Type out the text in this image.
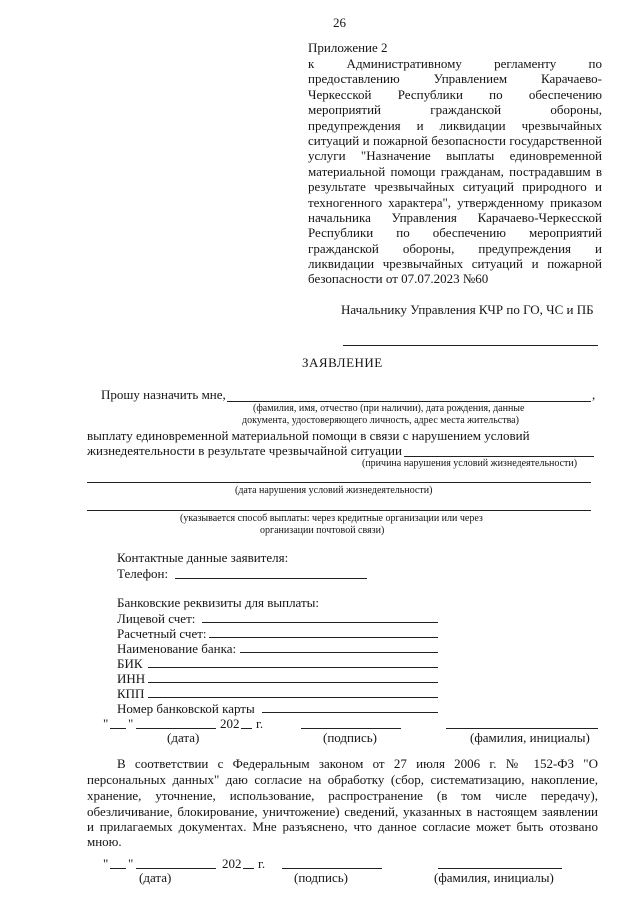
26
Приложение 2
к Административному регламенту по
предоставлению Управлением Карачаево-
Черкесской Республики по обеспечению
мероприятий гражданской обороны,
предупреждения и ликвидации чрезвычайных
ситуаций и пожарной безопасности государственной
услуги "Назначение выплаты единовременной
материальной помощи гражданам, пострадавшим в
результате чрезвычайных ситуаций природного и
техногенного характера", утвержденному приказом
начальника Управления Карачаево-Черкесской
Республики по обеспечению мероприятий
гражданской обороны, предупреждения и
ликвидации чрезвычайных ситуаций и пожарной
безопасности от 07.07.2023 №60
Начальнику Управления КЧР по ГО, ЧС и ПБ
ЗАЯВЛЕНИЕ
Прошу назначить мне,	,
(фамилия, имя, отчество (при наличии), дата рождения, данные
документа, удостоверяющего личность, адрес места жительства)
выплату единовременной материальной помощи в связи с нарушением условий
жизнедеятельности в результате чрезвычайной ситуации
(причина нарушения условий жизнедеятельности)
(дата нарушения условий жизнедеятельности)
(указывается способ выплаты: через кредитные организации или через
организации почтовой связи)
Контактные данные заявителя:
Телефон:
Банковские реквизиты для выплаты:
Лицевой счет:
Расчетный счет:
Наименование банка:
БИК
ИНН
КПП
Номер банковской карты
" "	202 г.
(дата)	(подпись)	(фамилия, инициалы)
В соответствии с Федеральным законом от 27 июля 2006 г. № 152-ФЗ "О
персональных данных" даю согласие на обработку (сбор, систематизацию, накопление,
хранение, уточнение, использование, распространение (в том числе передачу),
обезличивание, блокирование, уничтожение) сведений, указанных в настоящем заявлении
и прилагаемых документах. Мне разъяснено, что данное согласие может быть отозвано
мною.
" "	202 г.
(дата)	(подпись)	(фамилия, инициалы)
